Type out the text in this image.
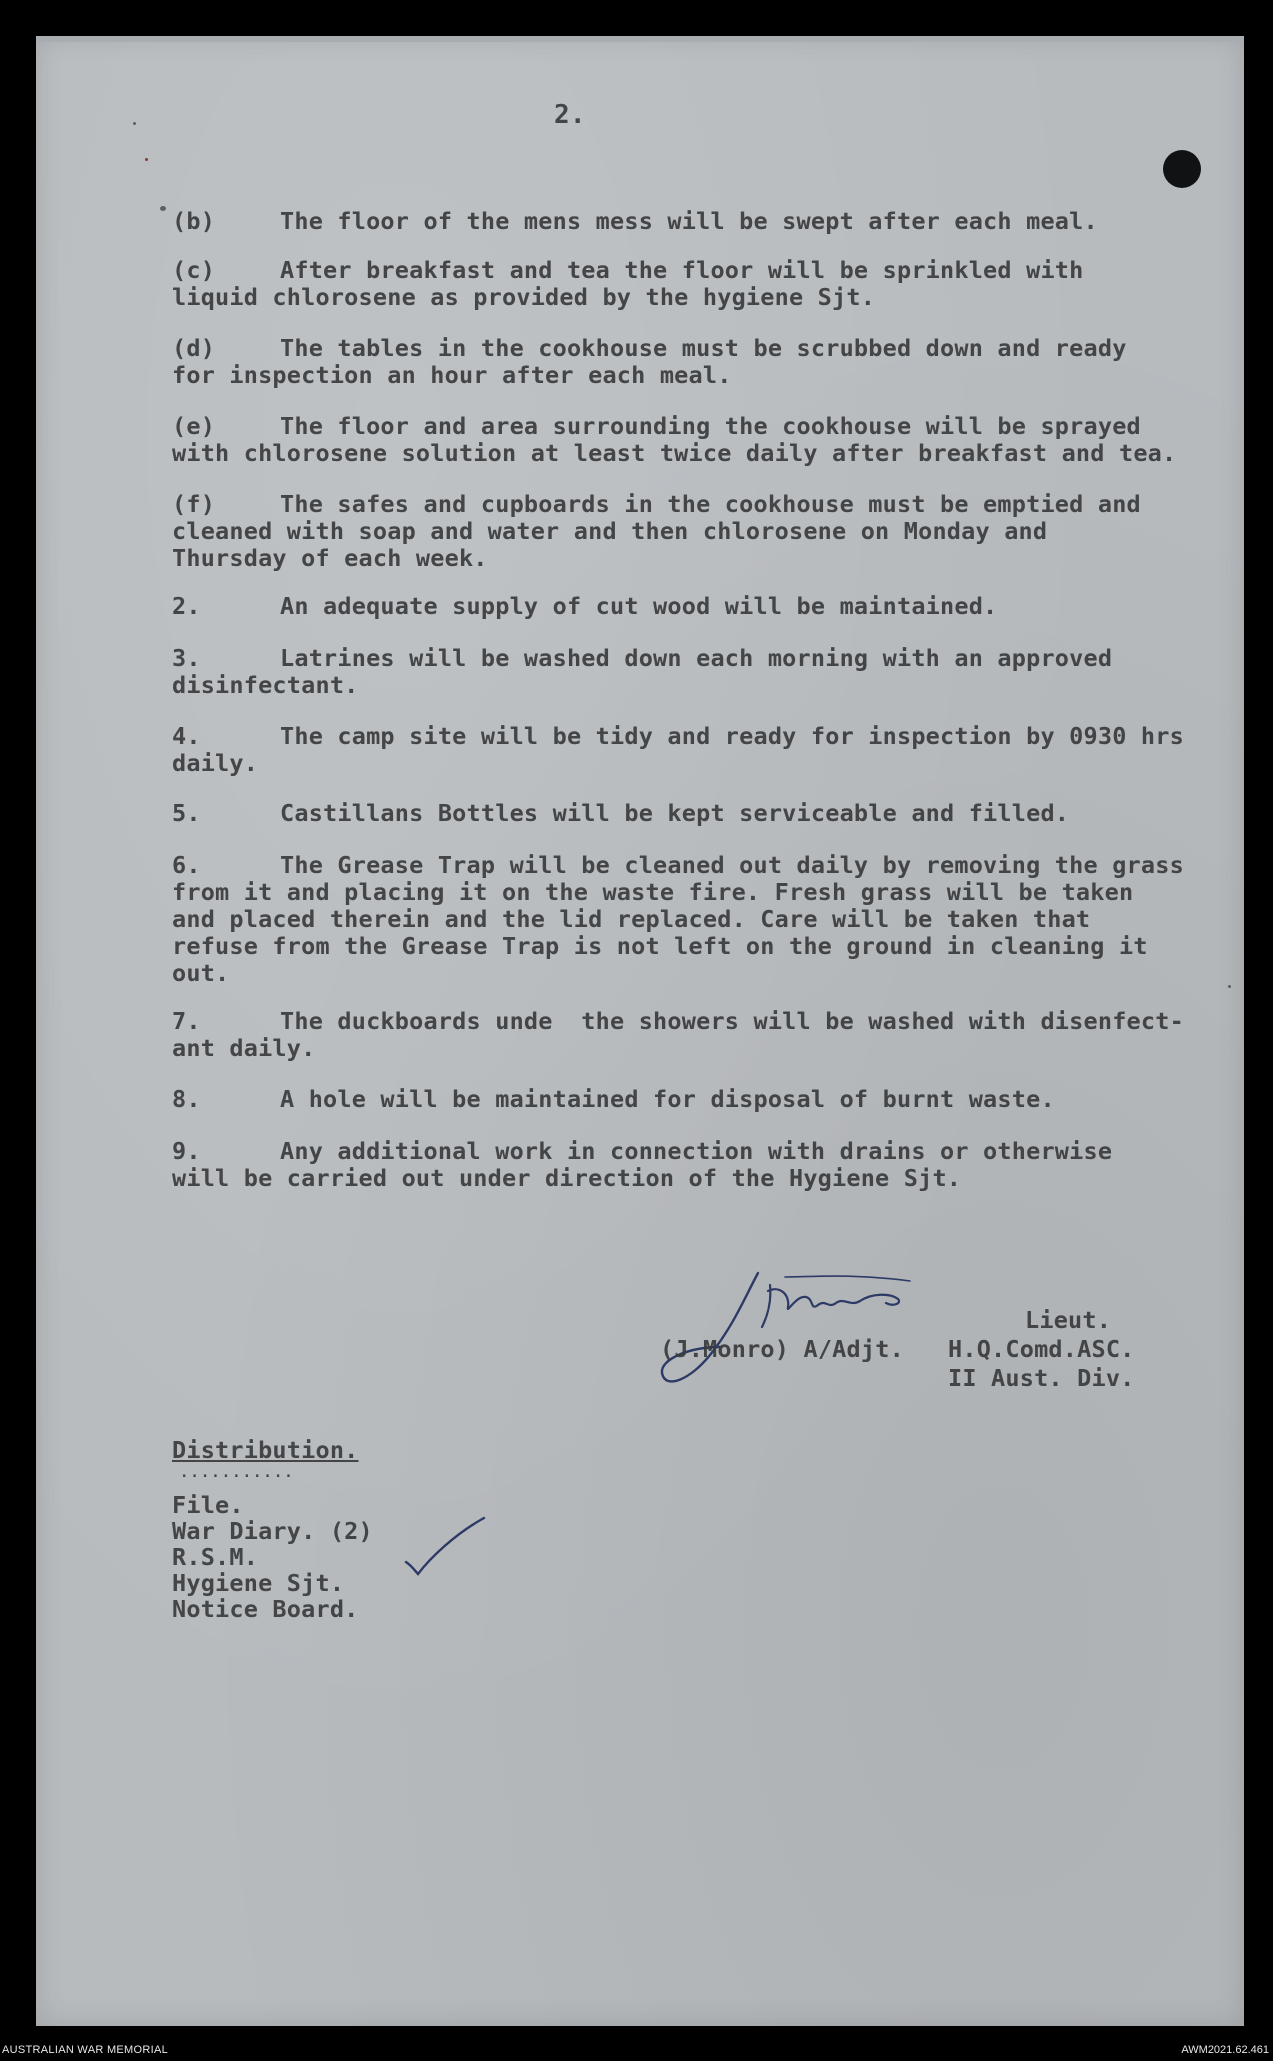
2.
(b)	The floor of the mens mess will be swept after each meal.
(c)	After breakfast and tea the floor will be sprinkled with
liquid chlorosene as provided by the hygiene Sjt.
(d)	The tables in the cookhouse must be scrubbed down and ready
for inspection an hour after each meal.
(e)	The floor and area surrounding the cookhouse will be sprayed
with chlorosene solution at least twice daily after breakfast and tea.
(f)	The safes and cupboards in the cookhouse must be emptied and
cleaned with soap and water and then chlorosene on Monday and
Thursday of each week.
2.	An adequate supply of cut wood will be maintained.
3.	Latrines will be washed down each morning with an approved
disinfectant.
4.	The camp site will be tidy and ready for inspection by 0930 hrs
daily.
5.	Castillans Bottles will be kept serviceable and filled.
6.	The Grease Trap will be cleaned out daily by removing the grass
from it and placing it on the waste fire. Fresh grass will be taken
and placed therein and the lid replaced. Care will be taken that
refuse from the Grease Trap is not left on the ground in cleaning it
out.
7.	The duckboards unde  the showers will be washed with disenfect-
ant daily.
8.	A hole will be maintained for disposal of burnt waste.
9.	Any additional work in connection with drains or otherwise
will be carried out under direction of the Hygiene Sjt.
Lieut.
(J.Monro) A/Adjt. H.Q.Comd.ASC.
II Aust. Div.
Distribution.
...........
File.
War Diary. (2)
R.S.M.
Hygiene Sjt.
Notice Board.
AUSTRALIAN WAR MEMORIAL	AWM2021.62.461
